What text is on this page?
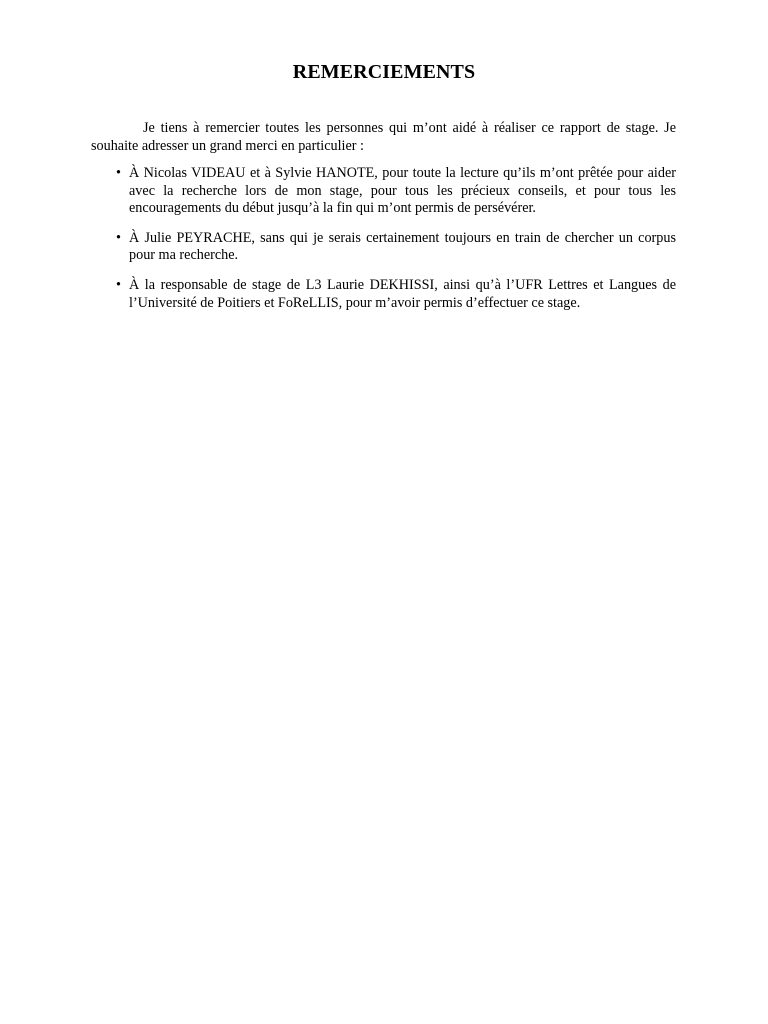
REMERCIEMENTS

Je tiens à remercier toutes les personnes qui m’ont aidé à réaliser ce rapport de stage. Je souhaite adresser un grand merci en particulier :

• À Nicolas VIDEAU et à Sylvie HANOTE, pour toute la lecture qu’ils m’ont prêtée pour aider avec la recherche lors de mon stage, pour tous les précieux conseils, et pour tous les encouragements du début jusqu’à la fin qui m’ont permis de persévérer.
• À Julie PEYRACHE, sans qui je serais certainement toujours en train de chercher un corpus pour ma recherche.
• À la responsable de stage de L3 Laurie DEKHISSI, ainsi qu’à l’UFR Lettres et Langues de l’Université de Poitiers et FoReLLIS, pour m’avoir permis d’effectuer ce stage.
